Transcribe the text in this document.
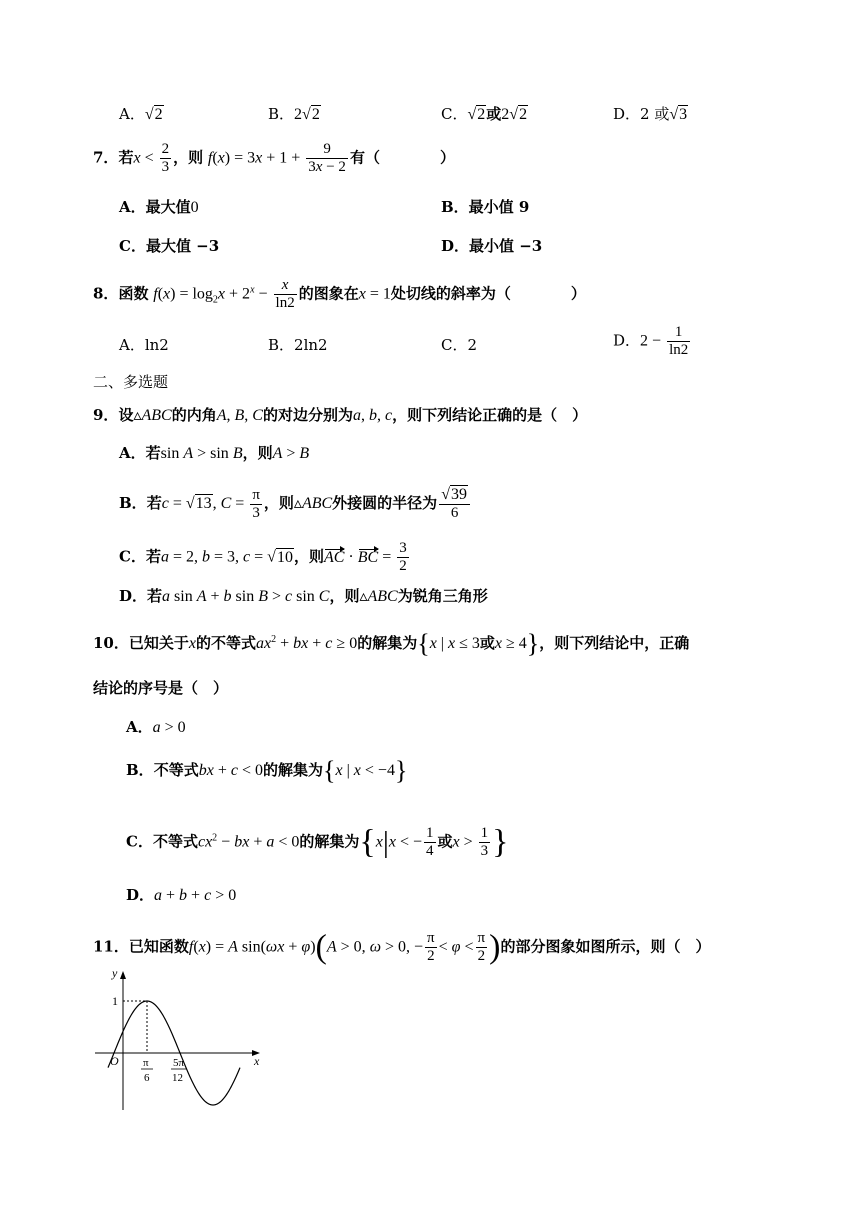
A．√2	B．2√2	C．√2或2√2	D．2 或√3
7．若$x < \frac{2}{3}$ ，则 $f(x) = 3x + 1 + \frac{9}{3x - 2}$ 有（　　　　）
A．最大值0	B．最小值 9
C．最大值 −3	D．最小值 −3
8．函数 $f(x) = \log_2x + 2^x - \frac{x}{\ln 2}$ 的图象在x = 1处切线的斜率为（　　　　）
A．ln2	B．2ln2	C．2	D．$2 - \frac{1}{\ln 2}$
二、多选题
9．设▵ABC的内角A, B, C的对边分别为a, b, c，则下列结论正确的是（　）
A．若sin A > sin B，则A > B
B．若c = √13, $C = \frac{\pi}{3}$ ，则▵ABC外接圆的半径为 $\frac{√39}{6}$
C．若a = 2, b = 3, c = √10，则AC · BC = $\frac{3}{2}$
D．若a sin A + b sin B > c sin C，则▵ABC为锐角三角形
10．已知关于x的不等式$ax^2$ + bx + c ≥ 0的解集为{x | x ≤ 3或x ≥ 4}，则下列结论中，正确
结论的序号是（　）
A．a > 0
B．不等式bx + c < 0的解集为{x | x < −4}
C．不等式$cx^2$ − bx + a < 0的解集为{x|x < − $\frac{1}{4}$ 或$x > \frac{1}{3}$ }
D．a + b + c > 0
11．已知函数f(x) = A sin(ωx + φ)(A > 0, ω > 0, − $\frac{\pi}{2} < \varphi < \frac{\pi}{2}$ )的部分图象如图所示，则（　）
y
x
O
1
π
6
5π
12
